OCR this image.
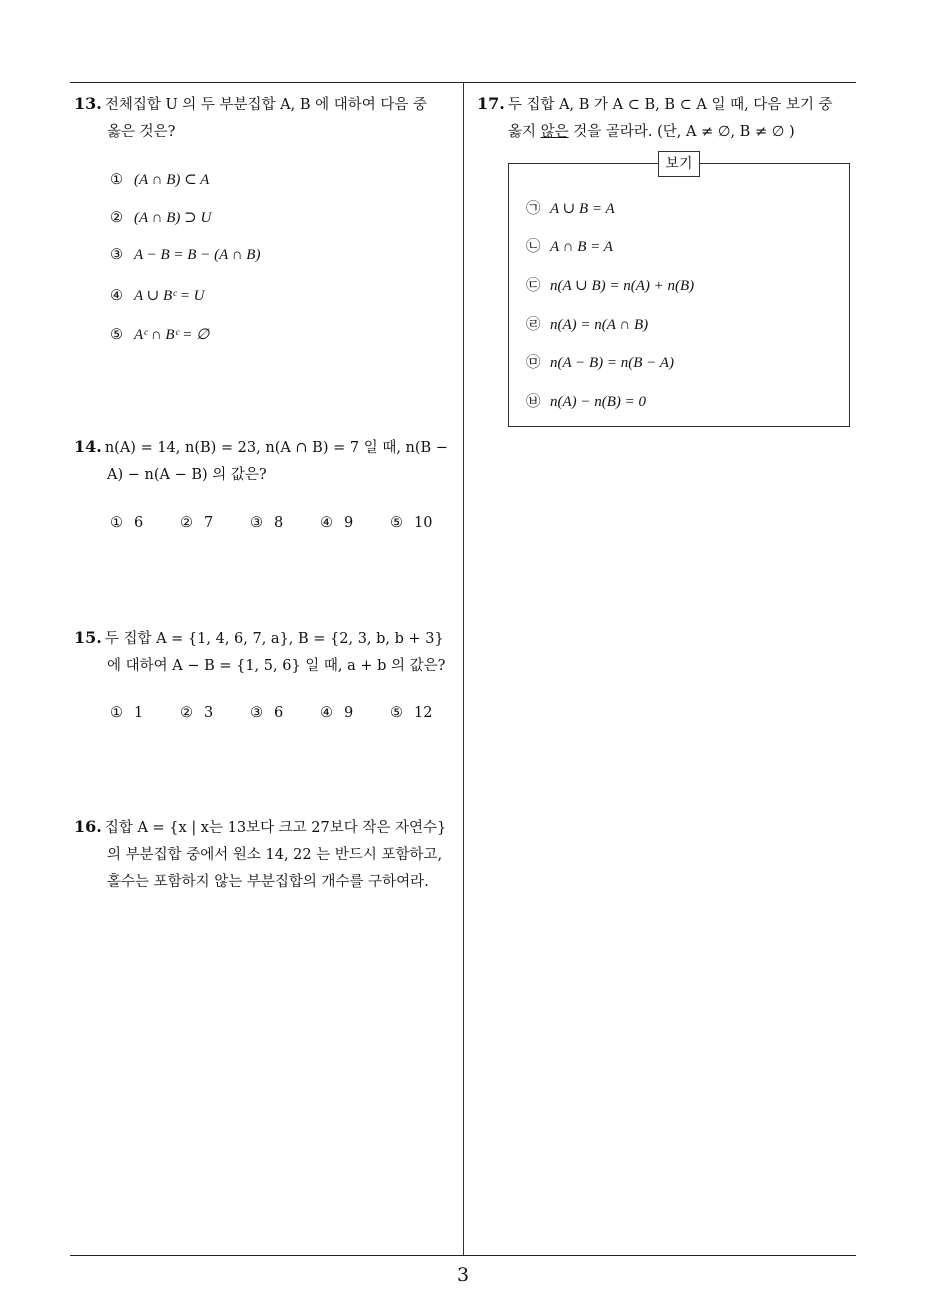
3
13. 전체집합 U 의 두 부분집합 A, B 에 대하여 다음 중
옳은 것은?
① (A ∩ B) ⊂ A
② (A ∩ B) ⊃ U
③ A − B = B − (A ∩ B)
④ A ∪ Bᶜ = U
⑤ Aᶜ ∩ Bᶜ = ∅
14. n(A) = 14, n(B) = 23, n(A ∩ B) = 7 일 때, n(B −
A) − n(A − B) 의 값은?
① 6	② 7	③ 8	④ 9	⑤ 10
15. 두 집합 A = {1, 4, 6, 7, a}, B = {2, 3, b, b + 3}
에 대하여 A − B = {1, 5, 6} 일 때, a + b 의 값은?
① 1	② 3	③ 6	④ 9	⑤ 12
16. 집합 A = {x | x는 13보다 크고 27보다 작은 자연수}
의 부분집합 중에서 원소 14, 22 는 반드시 포함하고,
홀수는 포함하지 않는 부분집합의 개수를 구하여라.
17. 두 집합 A, B 가 A ⊂ B, B ⊂ A 일 때, 다음 보기 중
옳지 않은 것을 골라라. (단, A ≠ ∅, B ≠ ∅ )
보기
㉠ A ∪ B = A
㉡ A ∩ B = A
㉢ n(A ∪ B) = n(A) + n(B)
㉣ n(A) = n(A ∩ B)
㉤ n(A − B) = n(B − A)
㉥ n(A) − n(B) = 0
